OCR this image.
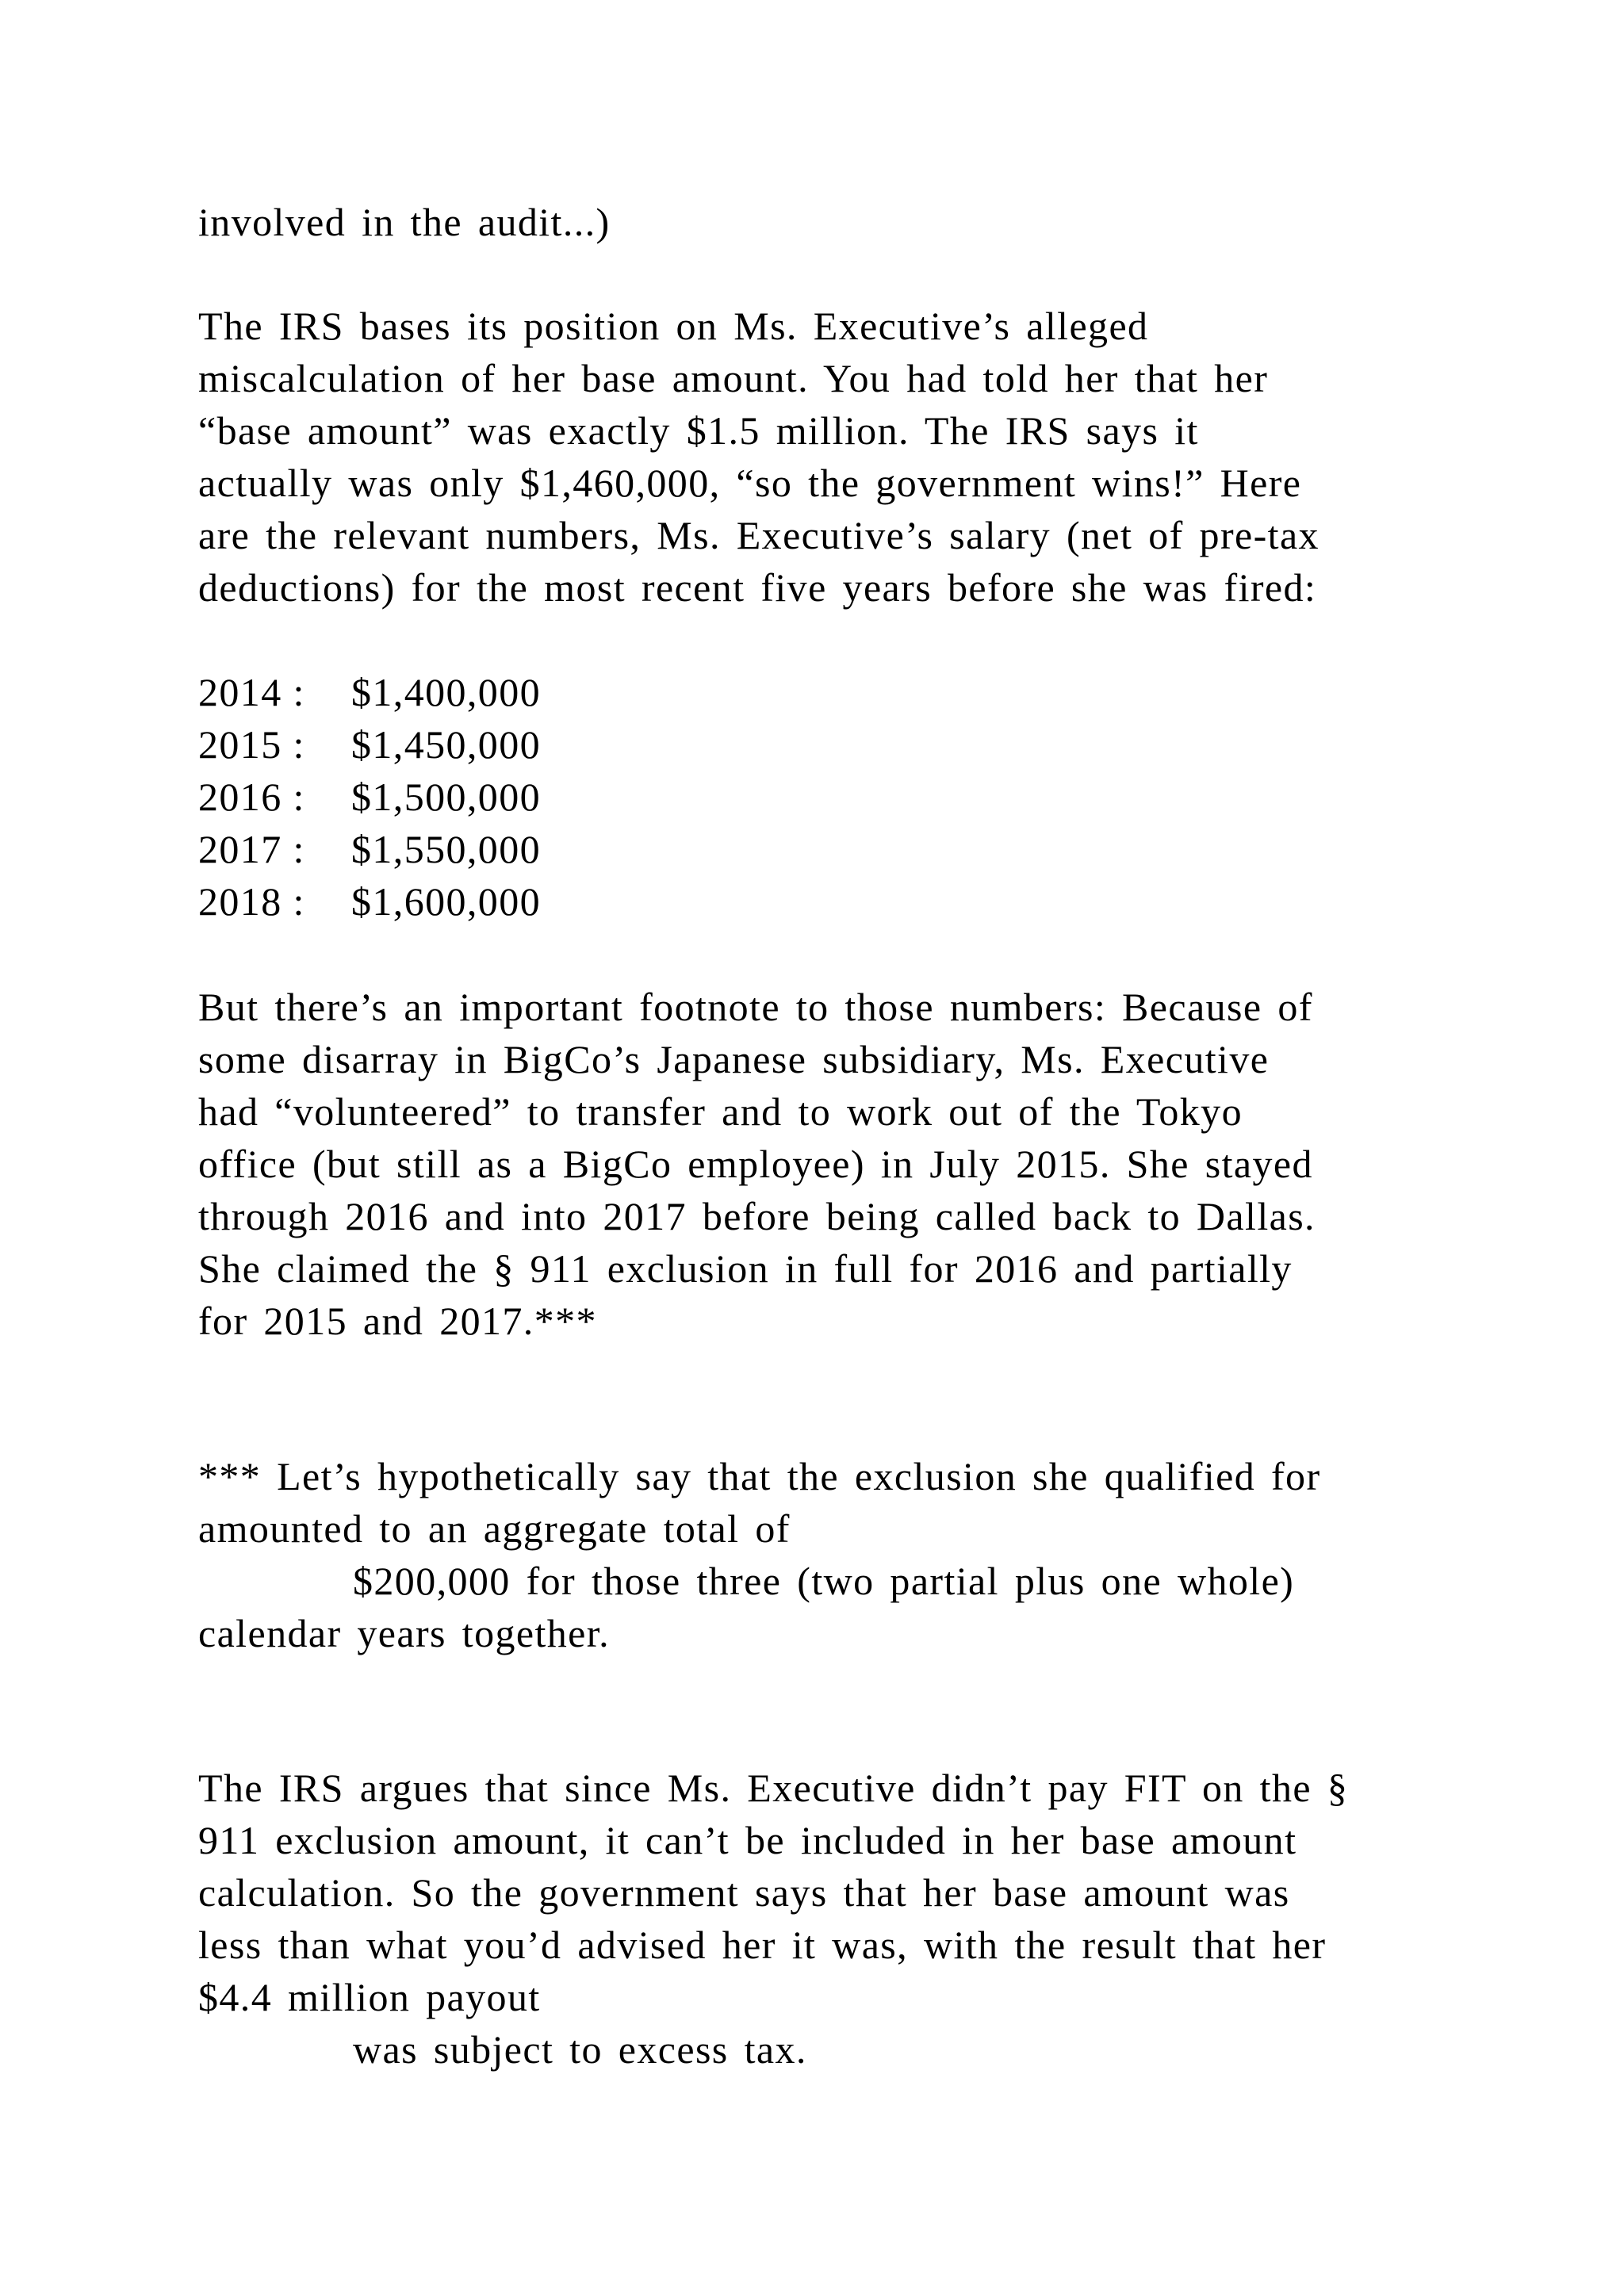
involved in the audit...)
The IRS bases its position on Ms. Executive’s alleged
miscalculation of her base amount. You had told her that her
“base amount” was exactly $1.5 million. The IRS says it
actually was only $1,460,000, “so the government wins!” Here
are the relevant numbers, Ms. Executive’s salary (net of pre-tax
deductions) for the most recent five years before she was fired:
2014 : $1,400,000
2015 : $1,450,000
2016 : $1,500,000
2017 : $1,550,000
2018 : $1,600,000
But there’s an important footnote to those numbers: Because of
some disarray in BigCo’s Japanese subsidiary, Ms. Executive
had “volunteered” to transfer and to work out of the Tokyo
office (but still as a BigCo employee) in July 2015. She stayed
through 2016 and into 2017 before being called back to Dallas.
She claimed the § 911 exclusion in full for 2016 and partially
for 2015 and 2017.***
*** Let’s hypothetically say that the exclusion she qualified for
amounted to an aggregate total of
$200,000 for those three (two partial plus one whole)
calendar years together.
The IRS argues that since Ms. Executive didn’t pay FIT on the §
911 exclusion amount, it can’t be included in her base amount
calculation. So the government says that her base amount was
less than what you’d advised her it was, with the result that her
$4.4 million payout
was subject to excess tax.
